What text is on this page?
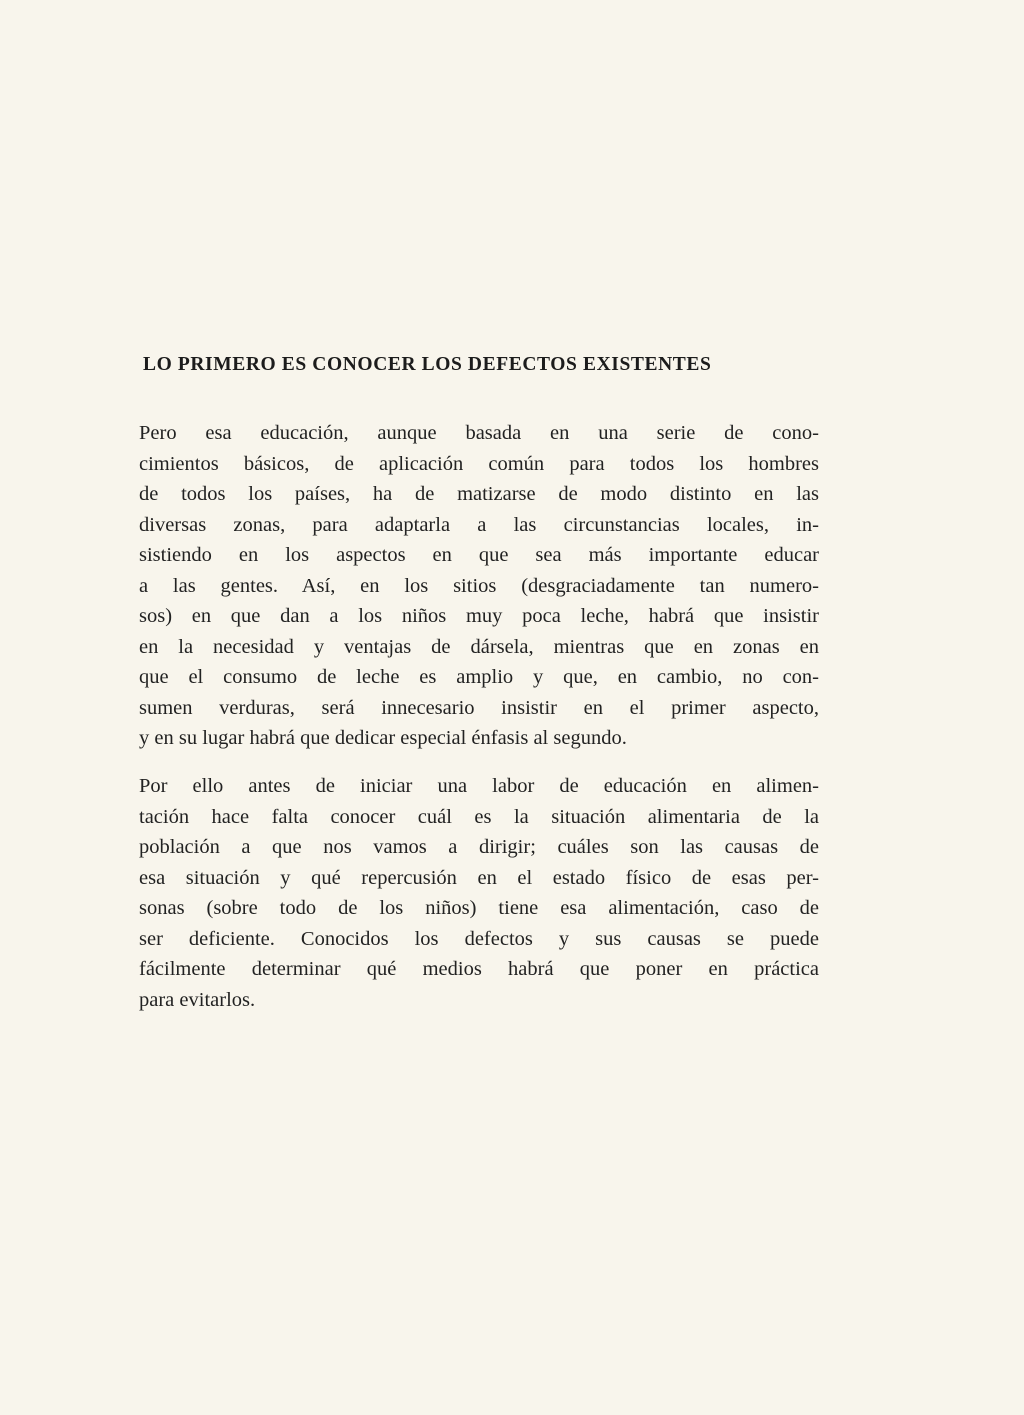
LO PRIMERO ES CONOCER LOS DEFECTOS EXISTENTES
Pero esa educación, aunque basada en una serie de cono-
cimientos básicos, de aplicación común para todos los hombres
de todos los países, ha de matizarse de modo distinto en las
diversas zonas, para adaptarla a las circunstancias locales, in-
sistiendo en los aspectos en que sea más importante educar
a las gentes. Así, en los sitios (desgraciadamente tan numero-
sos) en que dan a los niños muy poca leche, habrá que insistir
en la necesidad y ventajas de dársela, mientras que en zonas en
que el consumo de leche es amplio y que, en cambio, no con-
sumen verduras, será innecesario insistir en el primer aspecto,
y en su lugar habrá que dedicar especial énfasis al segundo.
Por ello antes de iniciar una labor de educación en alimen-
tación hace falta conocer cuál es la situación alimentaria de la
población a que nos vamos a dirigir; cuáles son las causas de
esa situación y qué repercusión en el estado físico de esas per-
sonas (sobre todo de los niños) tiene esa alimentación, caso de
ser deficiente. Conocidos los defectos y sus causas se puede
fácilmente determinar qué medios habrá que poner en práctica
para evitarlos.
